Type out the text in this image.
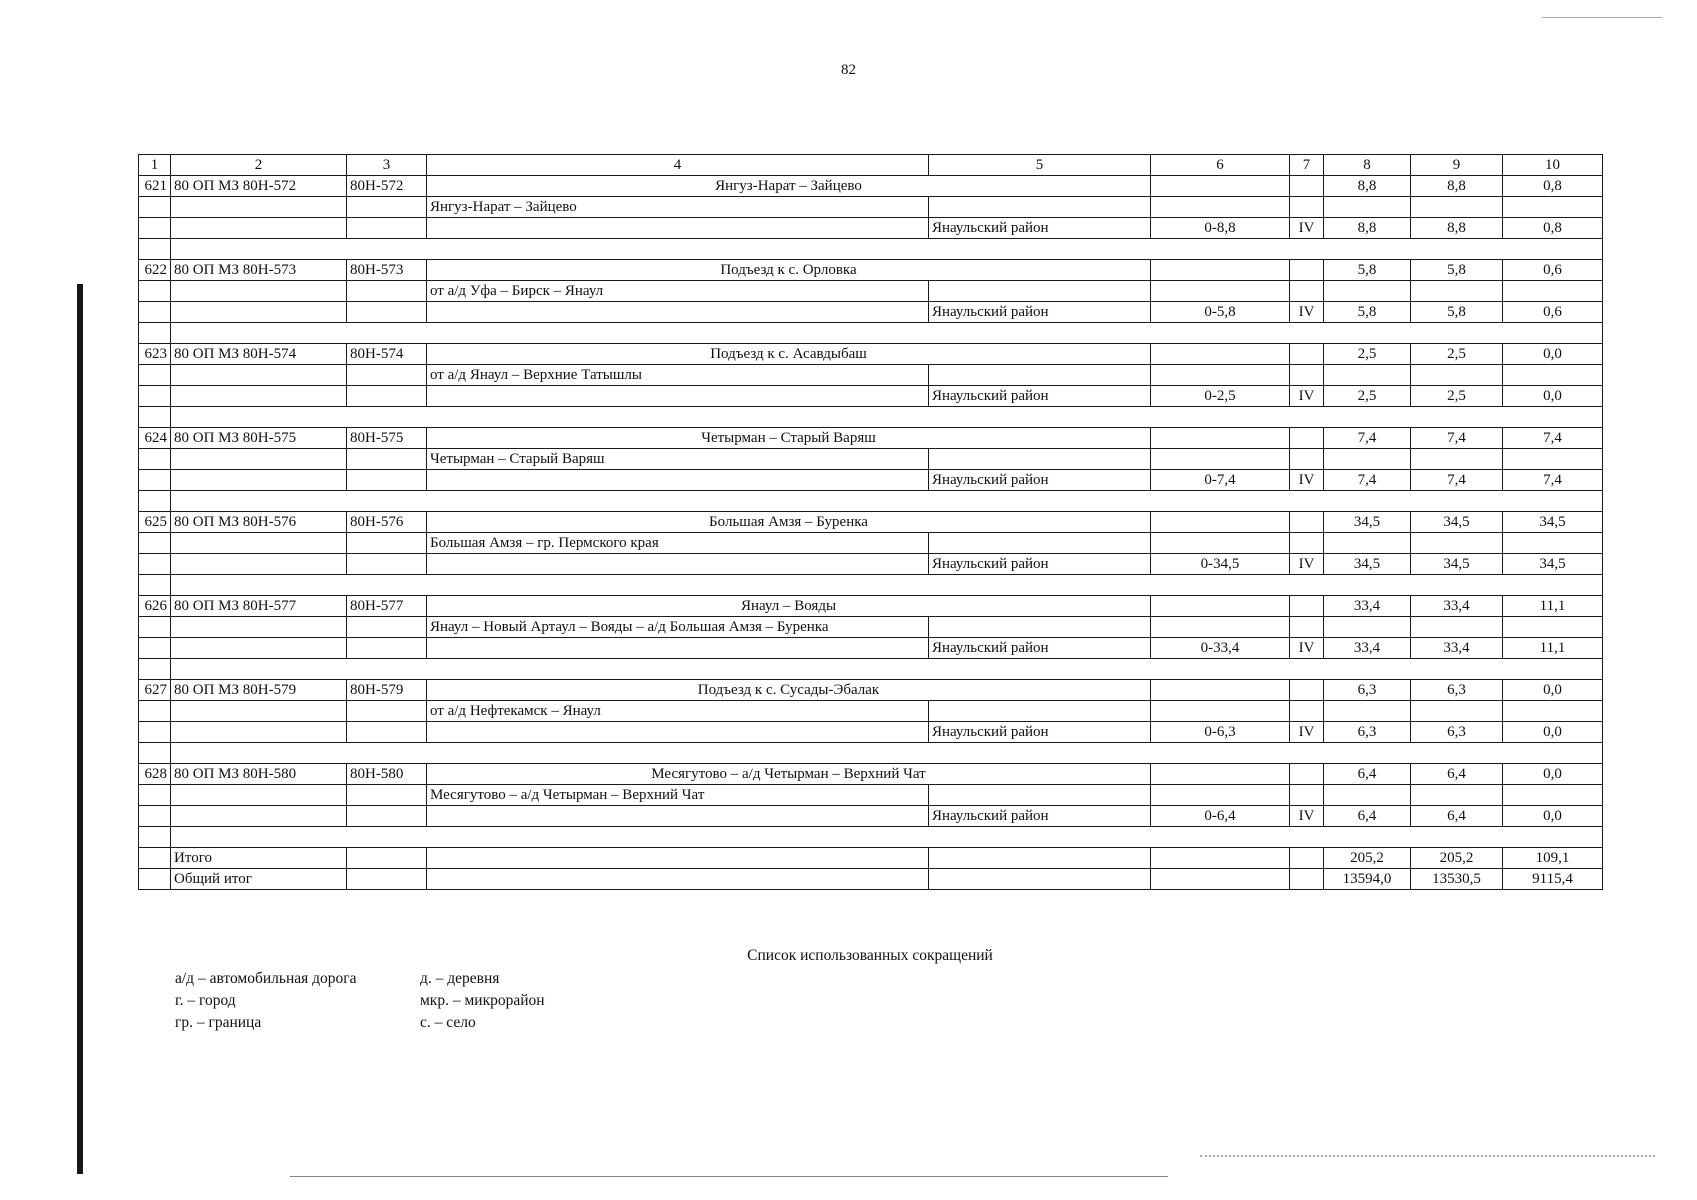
82
1	2	3	4	5	6	7	8	9	10
621	80 ОП МЗ 80Н-572	80Н-572	Янгуз-Нарат – Зайцево				8,8	8,8	0,8
			Янгуз-Нарат – Зайцево						
				Янаульский район	0-8,8	IV	8,8	8,8	0,8

622	80 ОП МЗ 80Н-573	80Н-573	Подъезд к с. Орловка				5,8	5,8	0,6
			от а/д Уфа – Бирск – Янаул						
				Янаульский район	0-5,8	IV	5,8	5,8	0,6

623	80 ОП МЗ 80Н-574	80Н-574	Подъезд к с. Асавдыбаш				2,5	2,5	0,0
			от а/д Янаул – Верхние Татышлы						
				Янаульский район	0-2,5	IV	2,5	2,5	0,0

624	80 ОП МЗ 80Н-575	80Н-575	Четырман – Старый Варяш				7,4	7,4	7,4
			Четырман – Старый Варяш						
				Янаульский район	0-7,4	IV	7,4	7,4	7,4

625	80 ОП МЗ 80Н-576	80Н-576	Большая Амзя – Буренка				34,5	34,5	34,5
			Большая Амзя – гр. Пермского края						
				Янаульский район	0-34,5	IV	34,5	34,5	34,5

626	80 ОП МЗ 80Н-577	80Н-577	Янаул – Вояды				33,4	33,4	11,1
			Янаул – Новый Артаул – Вояды – а/д Большая Амзя – Буренка						
				Янаульский район	0-33,4	IV	33,4	33,4	11,1

627	80 ОП МЗ 80Н-579	80Н-579	Подъезд к с. Сусады-Эбалак				6,3	6,3	0,0
			от а/д Нефтекамск – Янаул						
				Янаульский район	0-6,3	IV	6,3	6,3	0,0

628	80 ОП МЗ 80Н-580	80Н-580	Месягутово – а/д Четырман – Верхний Чат				6,4	6,4	0,0
			Месягутово – а/д Четырман – Верхний Чат						
				Янаульский район	0-6,4	IV	6,4	6,4	0,0

	Итого						205,2	205,2	109,1
	Общий итог						13594,0	13530,5	9115,4
Список использованных сокращений
а/д – автомобильная дорога
г. – город
гр. – граница
д. – деревня
мкр. – микрорайон
с. – село
